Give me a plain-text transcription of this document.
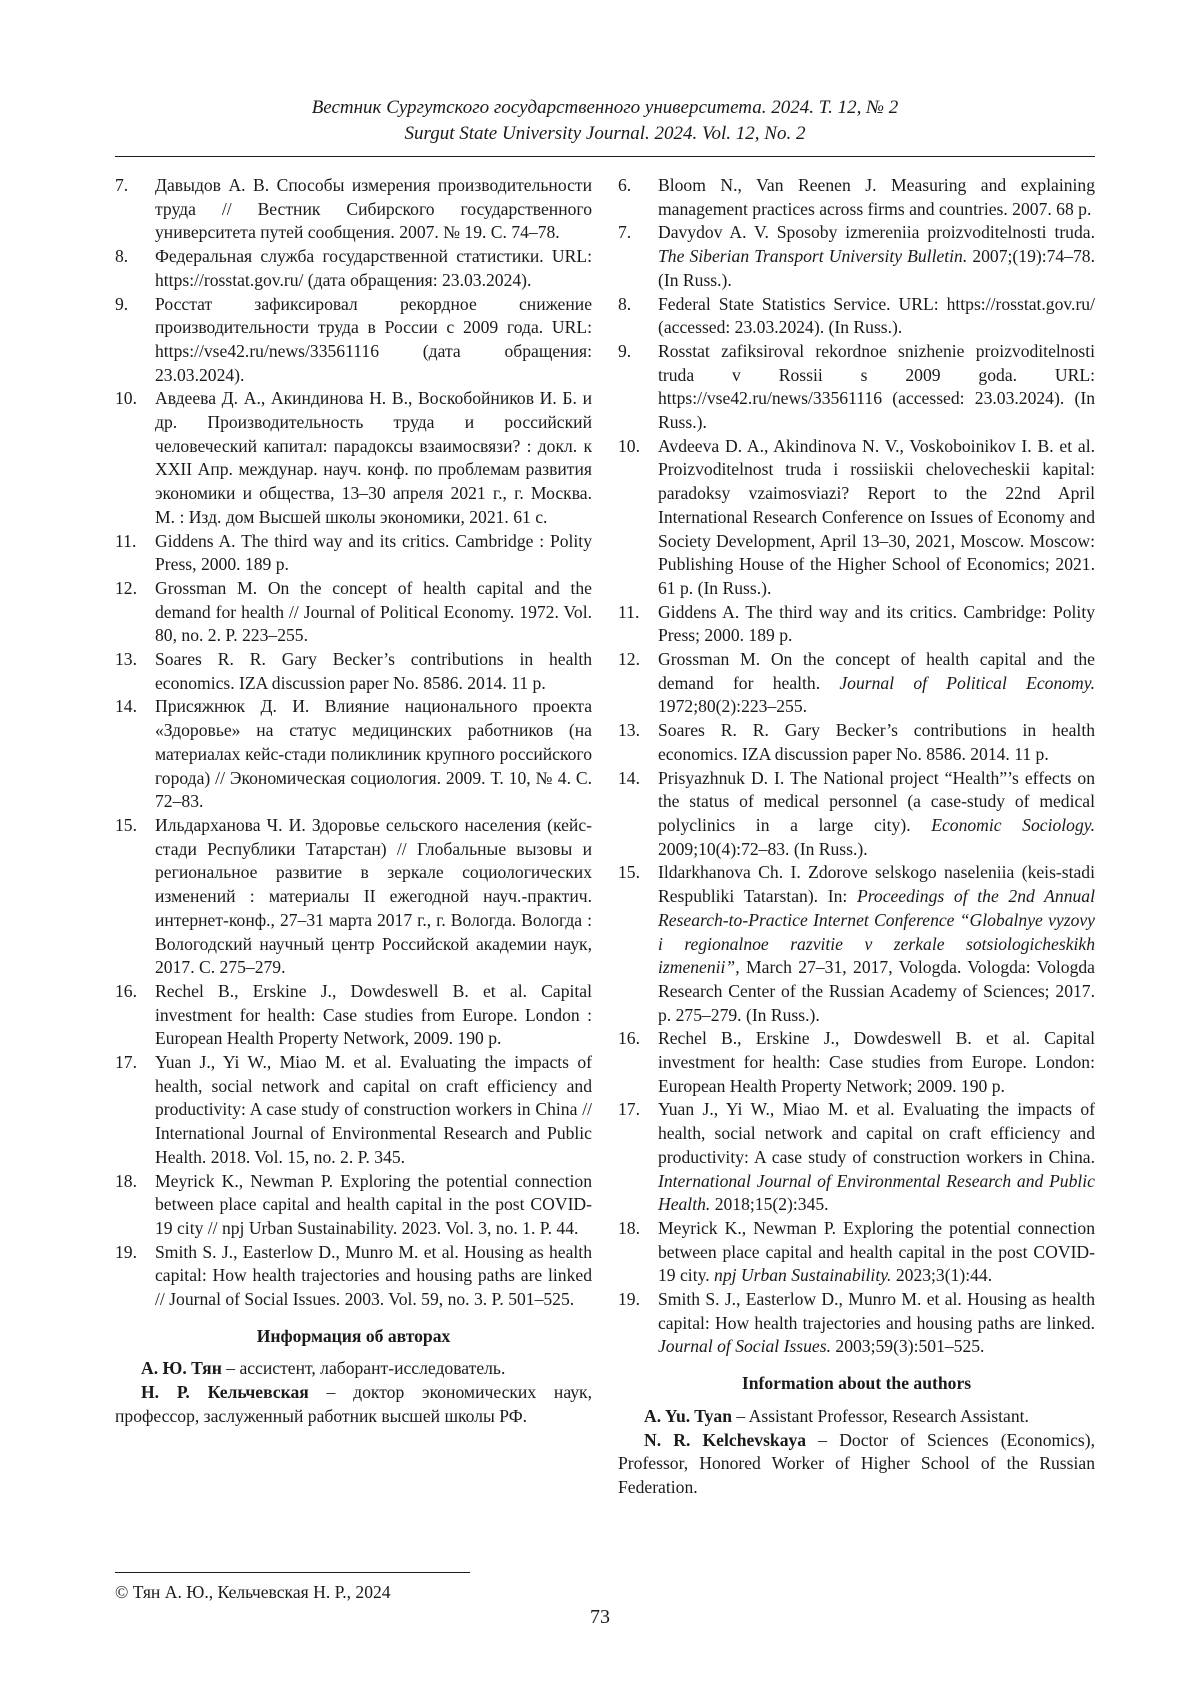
Вестник Сургутского государственного университета. 2024. Т. 12, № 2
Surgut State University Journal. 2024. Vol. 12, No. 2
7.	Давыдов А. В. Способы измерения производительности труда // Вестник Сибирского государственного университета путей сообщения. 2007. № 19. С. 74–78.
8.	Федеральная служба государственной статистики. URL: https://rosstat.gov.ru/ (дата обращения: 23.03.2024).
9.	Росстат зафиксировал рекордное снижение производительности труда в России с 2009 года. URL: https://vse42.ru/news/33561116 (дата обращения: 23.03.2024).
10.	Авдеева Д. А., Акиндинова Н. В., Воскобойников И. Б. и др. Производительность труда и российский человеческий капитал: парадоксы взаимосвязи? : докл. к XXII Апр. междунар. науч. конф. по проблемам развития экономики и общества, 13–30 апреля 2021 г., г. Москва. М. : Изд. дом Высшей школы экономики, 2021. 61 с.
11.	Giddens A. The third way and its critics. Cambridge : Polity Press, 2000. 189 p.
12.	Grossman M. On the concept of health capital and the demand for health // Journal of Political Economy. 1972. Vol. 80, no. 2. P. 223–255.
13.	Soares R. R. Gary Becker’s contributions in health economics. IZA discussion paper No. 8586. 2014. 11 p.
14.	Присяжнюк Д. И. Влияние национального проекта «Здоровье» на статус медицинских работников (на материалах кейс-стади поликлиник крупного российского города) // Экономическая социология. 2009. Т. 10, № 4. С. 72–83.
15.	Ильдарханова Ч. И. Здоровье сельского населения (кейс-стади Республики Татарстан) // Глобальные вызовы и региональное развитие в зеркале социологических изменений : материалы II ежегодной науч.-практич. интернет-конф., 27–31 марта 2017 г., г. Вологда. Вологда : Вологодский научный центр Российской академии наук, 2017. С. 275–279.
16.	Rechel B., Erskine J., Dowdeswell B. et al. Capital investment for health: Case studies from Europe. London : European Health Property Network, 2009. 190 p.
17.	Yuan J., Yi W., Miao M. et al. Evaluating the impacts of health, social network and capital on craft efficiency and productivity: A case study of construction workers in China // International Journal of Environmental Research and Public Health. 2018. Vol. 15, no. 2. P. 345.
18.	Meyrick K., Newman P. Exploring the potential connection between place capital and health capital in the post COVID-19 city // npj Urban Sustainability. 2023. Vol. 3, no. 1. P. 44.
19.	Smith S. J., Easterlow D., Munro M. et al. Housing as health capital: How health trajectories and housing paths are linked // Journal of Social Issues. 2003. Vol. 59, no. 3. P. 501–525.
Информация об авторах

А. Ю. Тян – ассистент, лаборант-исследователь.

Н. Р. Кельчевская – доктор экономических наук, профессор, заслуженный работник высшей школы РФ.

6.	Bloom N., Van Reenen J. Measuring and explaining management practices across firms and countries. 2007. 68 p.
7.	Davydov A. V. Sposoby izmereniia proizvoditelnosti truda. The Siberian Transport University Bulletin. 2007;(19):74–78. (In Russ.).
8.	Federal State Statistics Service. URL: https://rosstat.gov.ru/ (accessed: 23.03.2024). (In Russ.).
9.	Rosstat zafiksiroval rekordnoe snizhenie proizvoditelnosti truda v Rossii s 2009 goda. URL: https://vse42.ru/news/33561116 (accessed: 23.03.2024). (In Russ.).
10.	Avdeeva D. A., Akindinova N. V., Voskoboinikov I. B. et al. Proizvoditelnost truda i rossiiskii chelovecheskii kapital: paradoksy vzaimosviazi? Report to the 22nd April International Research Conference on Issues of Economy and Society Development, April 13–30, 2021, Moscow. Moscow: Publishing House of the Higher School of Economics; 2021. 61 p. (In Russ.).
11.	Giddens A. The third way and its critics. Cambridge: Polity Press; 2000. 189 p.
12.	Grossman M. On the concept of health capital and the demand for health. Journal of Political Economy. 1972;80(2):223–255.
13.	Soares R. R. Gary Becker’s contributions in health economics. IZA discussion paper No. 8586. 2014. 11 p.
14.	Prisyazhnuk D. I. The National project “Health”’s effects on the status of medical personnel (a case-study of medical polyclinics in a large city). Economic Sociology. 2009;10(4):72–83. (In Russ.).
15.	Ildarkhanova Ch. I. Zdorove selskogo naseleniia (keis-stadi Respubliki Tatarstan). In: Proceedings of the 2nd Annual Research-to-Practice Internet Conference “Globalnye vyzovy i regionalnoe razvitie v zerkale sotsiologicheskikh izmenenii”, March 27–31, 2017, Vologda. Vologda: Vologda Research Center of the Russian Academy of Sciences; 2017. p. 275–279. (In Russ.).
16.	Rechel B., Erskine J., Dowdeswell B. et al. Capital investment for health: Case studies from Europe. London: European Health Property Network; 2009. 190 p.
17.	Yuan J., Yi W., Miao M. et al. Evaluating the impacts of health, social network and capital on craft efficiency and productivity: A case study of construction workers in China. International Journal of Environmental Research and Public Health. 2018;15(2):345.
18.	Meyrick K., Newman P. Exploring the potential connection between place capital and health capital in the post COVID-19 city. npj Urban Sustainability. 2023;3(1):44.
19.	Smith S. J., Easterlow D., Munro M. et al. Housing as health capital: How health trajectories and housing paths are linked. Journal of Social Issues. 2003;59(3):501–525.
Information about the authors

A. Yu. Tyan – Assistant Professor, Research Assistant.

N. R. Kelchevskaya – Doctor of Sciences (Economics), Professor, Honored Worker of Higher School of the Russian Federation.

© Тян А. Ю., Кельчевская Н. Р., 2024
73
